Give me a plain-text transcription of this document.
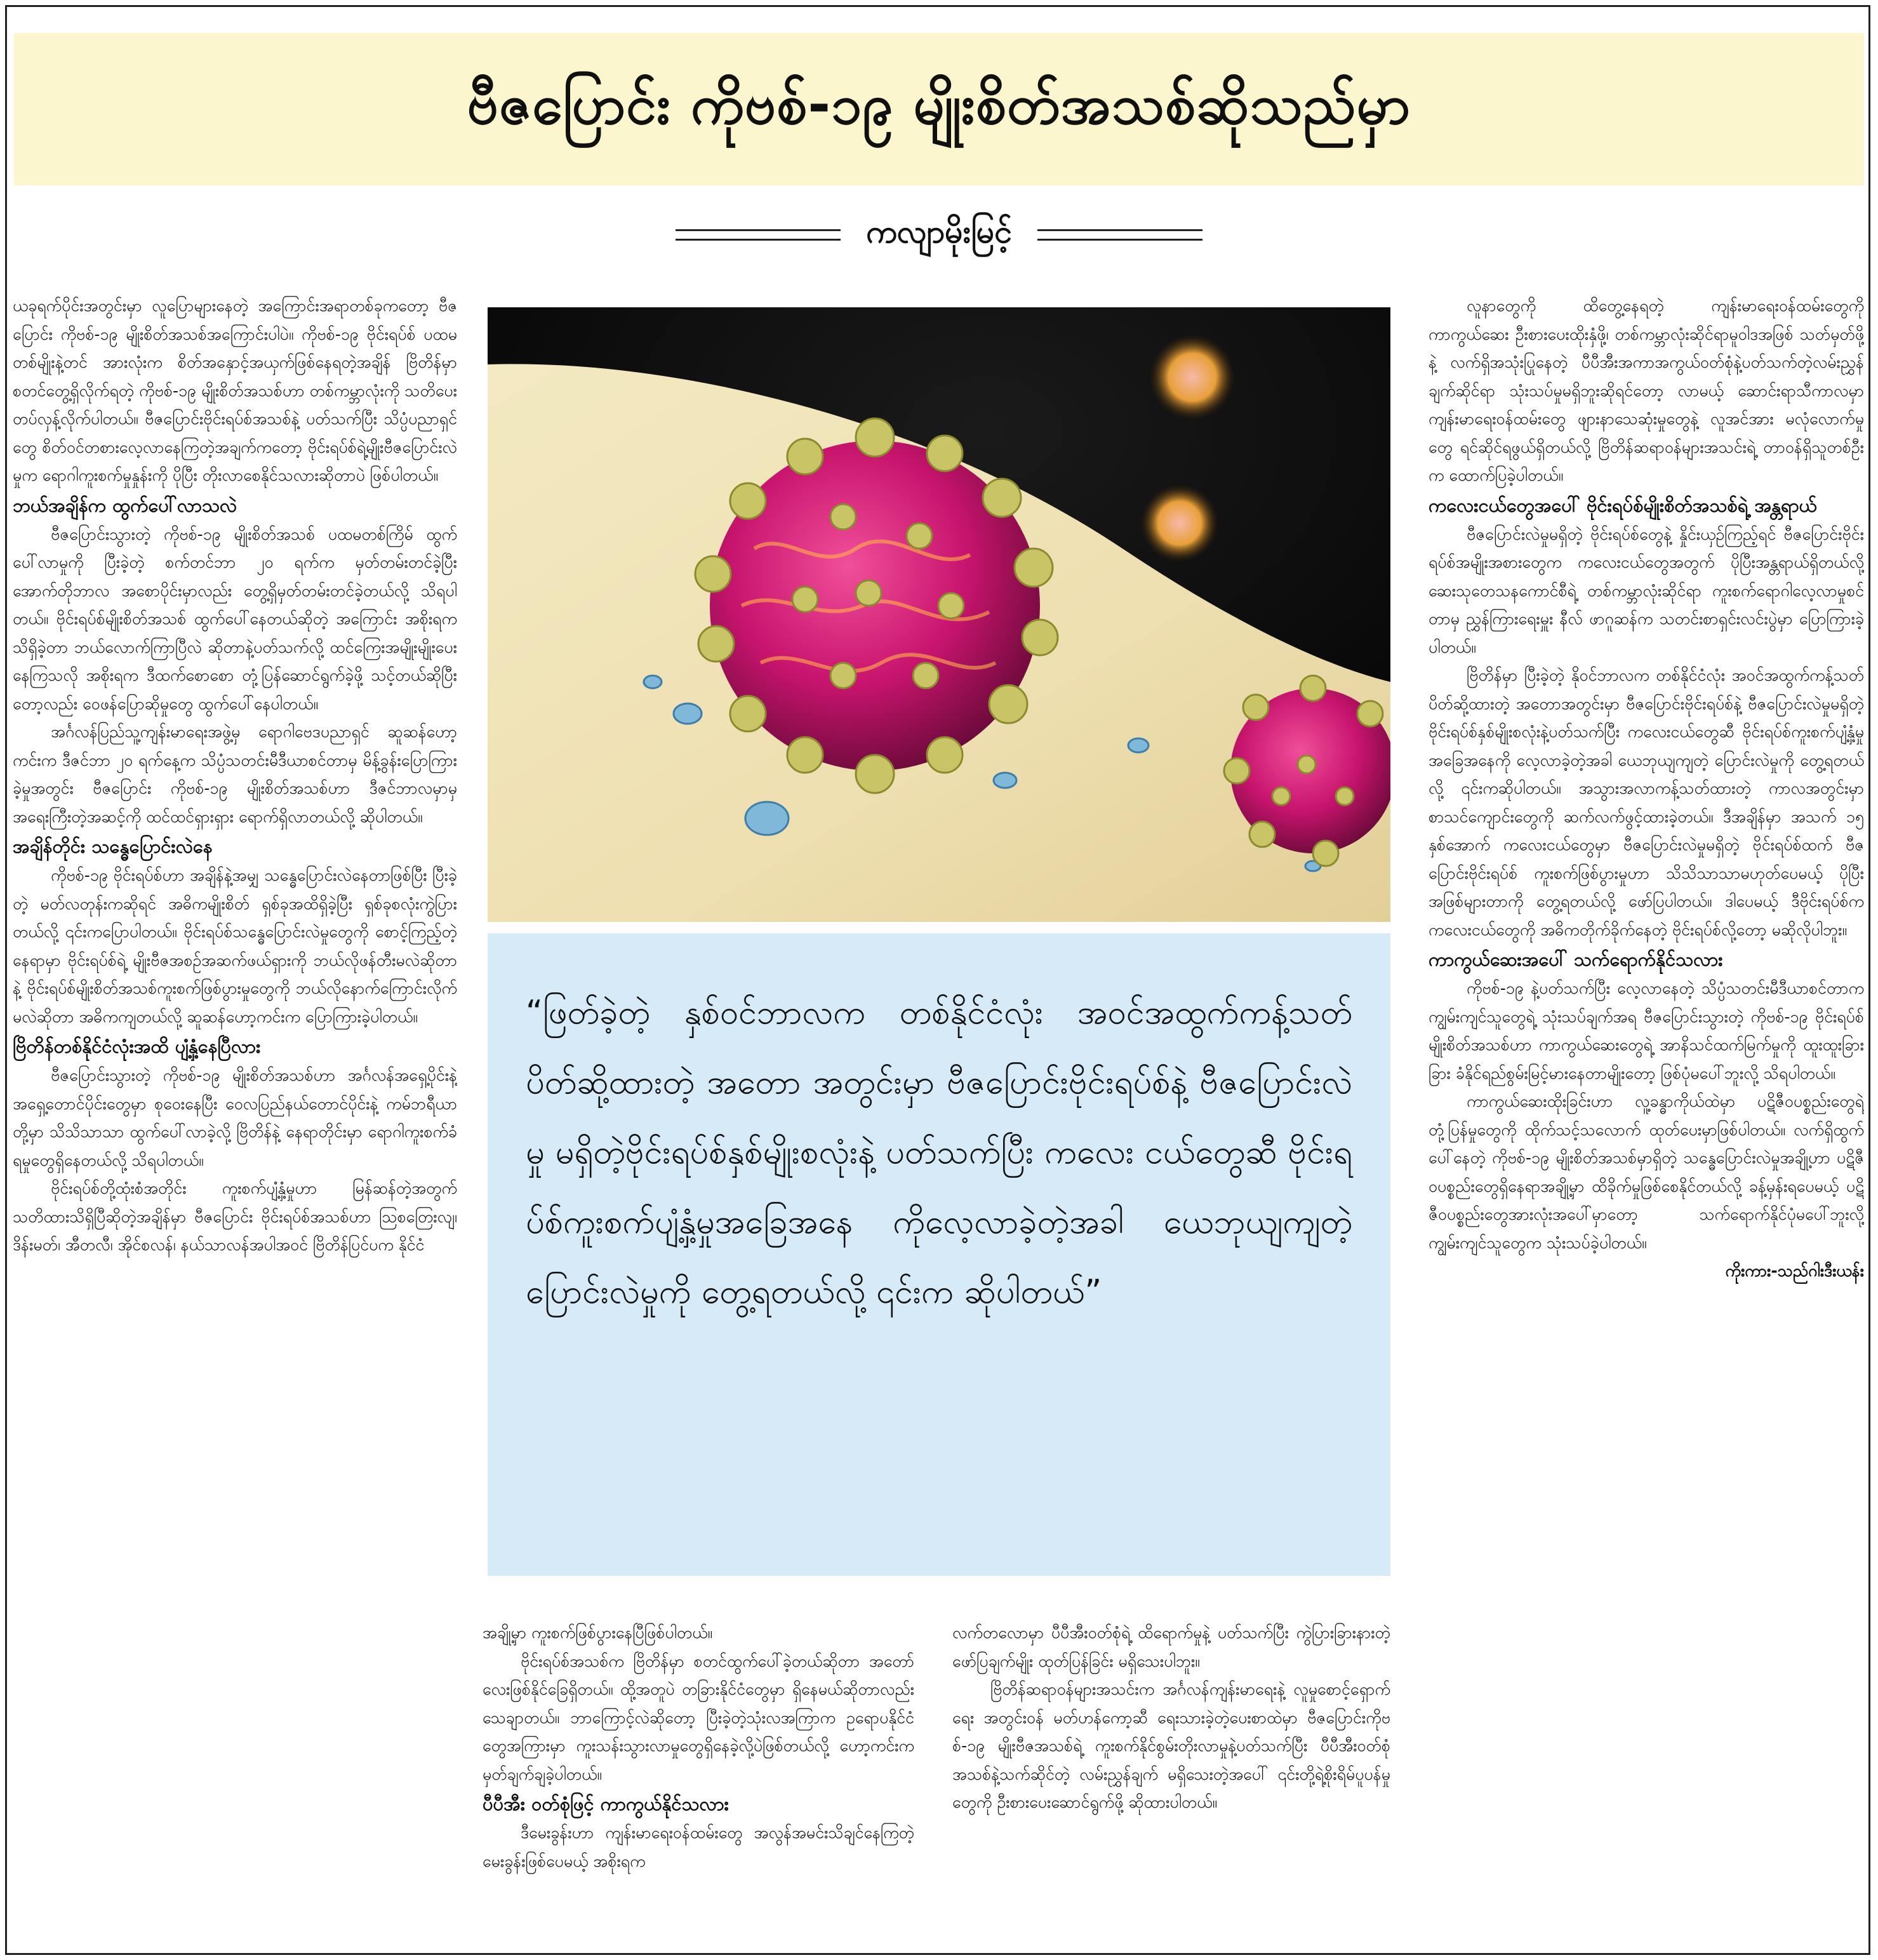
ဗီဇပြောင်း ကိုဗစ်-၁၉ မျိုးစိတ်အသစ်ဆိုသည်မှာ
ကလျာမိုးမြင့်

ယခုရက်ပိုင်းအတွင်းမှာ လူပြောများနေတဲ့ အကြောင်းအရာတစ်ခုကတော့ ဗီဇပြောင်း ကိုဗစ်-၁၉ မျိုးစိတ်အသစ်အကြောင်းပါပဲ။ ကိုဗစ်-၁၉ ဗိုင်းရပ်စ် ပထမတစ်မျိုးနဲ့တင် အားလုံးက စိတ်အနှောင့်အယှက်ဖြစ်နေရတဲ့အချိန် ဗြိတိန်မှာ စတင်တွေ့ရှိလိုက်ရတဲ့ ကိုဗစ်-၁၉ မျိုးစိတ်အသစ်ဟာ တစ်ကမ္ဘာလုံးကို သတိပေးတပ်လှန့်လိုက်ပါတယ်။ ဗီဇပြောင်းဗိုင်းရပ်စ်အသစ်နဲ့ ပတ်သက်ပြီး သိပ္ပံပညာရှင်တွေ စိတ်ဝင်တစားလေ့လာနေကြတဲ့အချက်ကတော့ ဗိုင်းရပ်စ်ရဲ့မျိုးဗီဇပြောင်းလဲမှုက ရောဂါကူးစက်မှုနှုန်းကို ပိုပြီး တိုးလာစေနိုင်သလားဆိုတာပဲ ဖြစ်ပါတယ်။

ဘယ်အချိန်က ထွက်ပေါ်လာသလဲ

ဗီဇပြောင်းသွားတဲ့ ကိုဗစ်-၁၉ မျိုးစိတ်အသစ် ပထမတစ်ကြိမ် ထွက်ပေါ်လာမှုကို ပြီးခဲ့တဲ့ စက်တင်ဘာ ၂၀ ရက်က မှတ်တမ်းတင်ခဲ့ပြီး အောက်တိုဘာလ အစောပိုင်းမှာလည်း တွေ့ရှိမှတ်တမ်းတင်ခဲ့တယ်လို့ သိရပါတယ်။ ဗိုင်းရပ်စ်မျိုးစိတ်အသစ် ထွက်ပေါ်နေတယ်ဆိုတဲ့ အကြောင်း အစိုးရကသိရှိခဲ့တာ ဘယ်လောက်ကြာပြီလဲ ဆိုတာနဲ့ပတ်သက်လို့ ထင်ကြေးအမျိုးမျိုးပေးနေကြသလို အစိုးရက ဒီထက်စောစော တုံ့ပြန်ဆောင်ရွက်ခဲ့ဖို့ သင့်တယ်ဆိုပြီးတော့လည်း ဝေဖန်ပြောဆိုမှုတွေ ထွက်ပေါ်နေပါတယ်။

အင်္ဂလန်ပြည်သူ့ကျန်းမာရေးအဖွဲ့မှ ရောဂါဗေဒပညာရှင် ဆူဆန်ဟော့ကင်းက ဒီဇင်ဘာ ၂၀ ရက်နေ့က သိပ္ပံသတင်းမီဒီယာစင်တာမှ မိန့်ခွန်းပြောကြားခဲ့မှုအတွင်း ဗီဇပြောင်း ကိုဗစ်-၁၉ မျိုးစိတ်အသစ်ဟာ ဒီဇင်ဘာလမှာမှ အရေးကြီးတဲ့အဆင့်ကို ထင်ထင်ရှားရှား ရောက်ရှိလာတယ်လို့ ဆိုပါတယ်။

အချိန်တိုင်း သန္ဓေပြောင်းလဲနေ

ကိုဗစ်-၁၉ ဗိုင်းရပ်စ်ဟာ အချိန်နဲ့အမျှ သန္ဓေပြောင်းလဲနေတာဖြစ်ပြီး ပြီးခဲ့တဲ့ မတ်လတုန်းကဆိုရင် အဓိကမျိုးစိတ် ရှစ်ခုအထိရှိခဲ့ပြီး ရှစ်ခုစလုံးကွဲပြားတယ်လို့ ၎င်းကပြောပါတယ်။ ဗိုင်းရပ်စ်သန္ဓေပြောင်းလဲမှုတွေကို စောင့်ကြည့်တဲ့နေရာမှာ ဗိုင်းရပ်စ်ရဲ့ မျိုးဗီဇအစဉ်အဆက်ဖယ်ရှားကို ဘယ်လိုဖန်တီးမလဲဆိုတာနဲ့ ဗိုင်းရပ်စ်မျိုးစိတ်အသစ်ကူးစက်ဖြစ်ပွားမှုတွေကို ဘယ်လိုနောက်ကြောင်းလိုက်မလဲဆိုတာ အဓိကကျတယ်လို့ ဆူဆန်ဟော့ကင်းက ပြောကြားခဲ့ပါတယ်။

ဗြိတိန်တစ်နိုင်ငံလုံးအထိ ပျံ့နှံ့နေပြီလား

ဗီဇပြောင်းသွားတဲ့ ကိုဗစ်-၁၉ မျိုးစိတ်အသစ်ဟာ အင်္ဂလန်အရှေ့ပိုင်းနဲ့ အရှေ့တောင်ပိုင်းတွေမှာ စုဝေးနေပြီး ဝေလပြည်နယ်တောင်ပိုင်းနဲ့ ကမ်ဘရီယာတို့မှာ သိသိသာသာ ထွက်ပေါ်လာခဲ့လို့ ဗြိတိန်နဲ့ နေရာတိုင်းမှာ ရောဂါကူးစက်ခံရမှုတွေရှိနေတယ်လို့ သိရပါတယ်။

ဗိုင်းရပ်စ်တို့ထုံးစံအတိုင်း ကူးစက်ပျံ့နှံ့မှုဟာ မြန်ဆန်တဲ့အတွက် သတိထားသိရှိပြီဆိုတဲ့အချိန်မှာ ဗီဇပြောင်း ဗိုင်းရပ်စ်အသစ်ဟာ ဩစတြေးလျ၊ ဒိန်းမတ်၊ အီတလီ၊ အိုင်စလန်၊ နယ်သာလန်အပါအဝင် ဗြိတိန်ပြင်ပက နိုင်ငံ

“ဖြတ်ခဲ့တဲ့ နှစ်ဝင်ဘာလက တစ်နိုင်ငံလုံး အဝင်အထွက်ကန့်သတ်ပိတ်ဆို့ထားတဲ့ အတော အတွင်းမှာ ဗီဇပြောင်းဗိုင်းရပ်စ်နဲ့ ဗီဇပြောင်းလဲမှု မရှိတဲ့ဗိုင်းရပ်စ်နှစ်မျိုးစလုံးနဲ့ ပတ်သက်ပြီး ကလေး ငယ်တွေဆီ ဗိုင်းရပ်စ်ကူးစက်ပျံ့နှံ့မှုအခြေအနေ ကိုလေ့လာခဲ့တဲ့အခါ ယေဘုယျကျတဲ့ ပြောင်းလဲမှုကို တွေ့ရတယ်လို့ ၎င်းက ဆိုပါတယ်”

အချို့မှာ ကူးစက်ဖြစ်ပွားနေပြီဖြစ်ပါတယ်။

ဗိုင်းရပ်စ်အသစ်က ဗြိတိန်မှာ စတင်ထွက်ပေါ်ခဲ့တယ်ဆိုတာ အတော်လေးဖြစ်နိုင်ခြေရှိတယ်။ ထို့အတူပဲ တခြားနိုင်ငံတွေမှာ ရှိနေမယ်ဆိုတာလည်း သေချာတယ်။ ဘာကြောင့်လဲဆိုတော့ ပြီးခဲ့တဲ့သုံးလအကြာက ဥရောပနိုင်ငံတွေအကြားမှာ ကူးသန်းသွားလာမှုတွေရှိနေခဲ့လို့ပဲဖြစ်တယ်လို့ ဟော့ကင်းက မှတ်ချက်ချခဲ့ပါတယ်။

ပီပီအီး ဝတ်စုံဖြင့် ကာကွယ်နိုင်သလား

ဒီမေးခွန်းဟာ ကျန်းမာရေးဝန်ထမ်းတွေ အလွန်အမင်းသိချင်နေကြတဲ့ မေးခွန်းဖြစ်ပေမယ့် အစိုးရက

လက်တလောမှာ ပီပီအီးဝတ်စုံရဲ့ ထိရောက်မှုနဲ့ ပတ်သက်ပြီး ကွဲပြားခြားနားတဲ့ ဖော်ပြချက်မျိုး ထုတ်ပြန်ခြင်း မရှိသေးပါဘူး။

ဗြိတိန်ဆရာဝန်များအသင်းက အင်္ဂလန်ကျန်းမာရေးနဲ့ လူမှုစောင့်ရှောက်ရေး အတွင်းဝန် မတ်ဟန်ကော့ဆီ ရေးသားခဲ့တဲ့ပေးစာထဲမှာ ဗီဇပြောင်းကိုဗစ်-၁၉ မျိုးဗီဇအသစ်ရဲ့ ကူးစက်နိုင်စွမ်းတိုးလာမှုနဲ့ပတ်သက်ပြီး ပီပီအီးဝတ်စုံအသစ်နဲ့သက်ဆိုင်တဲ့ လမ်းညွှန်ချက် မရှိသေးတဲ့အပေါ် ၎င်းတို့ရဲ့စိုးရိမ်ပူပန်မှုတွေကို ဦးစားပေးဆောင်ရွက်ဖို့ ဆိုထားပါတယ်။

လူနာတွေကို ထိတွေ့နေရတဲ့ ကျန်းမာရေးဝန်ထမ်းတွေကို ကာကွယ်ဆေး ဦးစားပေးထိုးနှံဖို့၊ တစ်ကမ္ဘာလုံးဆိုင်ရာမူဝါဒအဖြစ် သတ်မှတ်ဖို့နဲ့ လက်ရှိအသုံးပြုနေတဲ့ ပီပီအီးအကာအကွယ်ဝတ်စုံနဲ့ပတ်သက်တဲ့လမ်းညွှန်ချက်ဆိုင်ရာ သုံးသပ်မှုမရှိဘူးဆိုရင်တော့ လာမယ့် ဆောင်းရာသီကာလမှာ ကျန်းမာရေးဝန်ထမ်းတွေ ဖျားနာသေဆုံးမှုတွေနဲ့ လူအင်အား မလုံလောက်မှုတွေ ရင်ဆိုင်ရဖွယ်ရှိတယ်လို့ ဗြိတိန်ဆရာဝန်များအသင်းရဲ့ တာဝန်ရှိသူတစ်ဦးက ထောက်ပြခဲ့ပါတယ်။

ကလေးငယ်တွေအပေါ် ဗိုင်းရပ်စ်မျိုးစိတ်အသစ်ရဲ့ အန္တရာယ်

ဗီဇပြောင်းလဲမှုမရှိတဲ့ ဗိုင်းရပ်စ်တွေနဲ့ နှိုင်းယှဉ်ကြည့်ရင် ဗီဇပြောင်းဗိုင်းရပ်စ်အမျိုးအစားတွေက ကလေးငယ်တွေအတွက် ပိုပြီးအန္တရာယ်ရှိတယ်လို့ ဆေးသုတေသနကောင်စီရဲ့ တစ်ကမ္ဘာလုံးဆိုင်ရာ ကူးစက်ရောဂါလေ့လာမှုစင်တာမှ ညွှန်ကြားရေးမှူး နီလ် ဖာဂူဆန်က သတင်းစာရှင်းလင်းပွဲမှာ ပြောကြားခဲ့ပါတယ်။

ဗြိတိန်မှာ ပြီးခဲ့တဲ့ နိုဝင်ဘာလက တစ်နိုင်ငံလုံး အဝင်အထွက်ကန့်သတ်ပိတ်ဆို့ထားတဲ့ အတောအတွင်းမှာ ဗီဇပြောင်းဗိုင်းရပ်စ်နဲ့ ဗီဇပြောင်းလဲမှုမရှိတဲ့ ဗိုင်းရပ်စ်နှစ်မျိုးစလုံးနဲ့ပတ်သက်ပြီး ကလေးငယ်တွေဆီ ဗိုင်းရပ်စ်ကူးစက်ပျံ့နှံ့မှုအခြေအနေကို လေ့လာခဲ့တဲ့အခါ ယေဘုယျကျတဲ့ ပြောင်းလဲမှုကို တွေ့ရတယ်လို့ ၎င်းကဆိုပါတယ်။ အသွားအလာကန့်သတ်ထားတဲ့ ကာလအတွင်းမှာ စာသင်ကျောင်းတွေကို ဆက်လက်ဖွင့်ထားခဲ့တယ်။ ဒီအချိန်မှာ အသက် ၁၅ နှစ်အောက် ကလေးငယ်တွေမှာ ဗီဇပြောင်းလဲမှုမရှိတဲ့ ဗိုင်းရပ်စ်ထက် ဗီဇပြောင်းဗိုင်းရပ်စ် ကူးစက်ဖြစ်ပွားမှုဟာ သိသိသာသာမဟုတ်ပေမယ့် ပိုပြီးအဖြစ်များတာကို တွေ့ရတယ်လို့ ဖော်ပြပါတယ်။ ဒါပေမယ့် ဒီဗိုင်းရပ်စ်က ကလေးငယ်တွေကို အဓိကတိုက်ခိုက်နေတဲ့ ဗိုင်းရပ်စ်လို့တော့ မဆိုလိုပါဘူး။

ကာကွယ်ဆေးအပေါ် သက်ရောက်နိုင်သလား

ကိုဗစ်-၁၉ နဲ့ပတ်သက်ပြီး လေ့လာနေတဲ့ သိပ္ပံသတင်းမီဒီယာစင်တာက ကျွမ်းကျင်သူတွေရဲ့ သုံးသပ်ချက်အရ ဗီဇပြောင်းသွားတဲ့ ကိုဗစ်-၁၉ ဗိုင်းရပ်စ်မျိုးစိတ်အသစ်ဟာ ကာကွယ်ဆေးတွေရဲ့ အာနိသင်ထက်မြက်မှုကို ထူးထူးခြားခြား ခံနိုင်ရည်စွမ်းမြင့်မားနေတာမျိုးတော့ ဖြစ်ပုံမပေါ်ဘူးလို့ သိရပါတယ်။

ကာကွယ်ဆေးထိုးခြင်းဟာ လူ့ခန္ဓာကိုယ်ထဲမှာ ပဋိဇီဝပစ္စည်းတွေရဲ့ တုံ့ပြန်မှုတွေကို ထိုက်သင့်သလောက် ထုတ်ပေးမှာဖြစ်ပါတယ်။ လက်ရှိထွက်ပေါ်နေတဲ့ ကိုဗစ်-၁၉ မျိုးစိတ်အသစ်မှာရှိတဲ့ သန္ဓေပြောင်းလဲမှုအချို့ဟာ ပဋိဇီဝပစ္စည်းတွေရှိနေရာအချို့မှာ ထိခိုက်မှုဖြစ်စေနိုင်တယ်လို့ ခန့်မှန်းရပေမယ့် ပဋိဇီဝပစ္စည်းတွေအားလုံးအပေါ်မှာတော့ သက်ရောက်နိုင်ပုံမပေါ်ဘူးလို့ ကျွမ်းကျင်သူတွေက သုံးသပ်ခဲ့ပါတယ်။

ကိုးကား-သည်ဂါးဒီးယန်း
